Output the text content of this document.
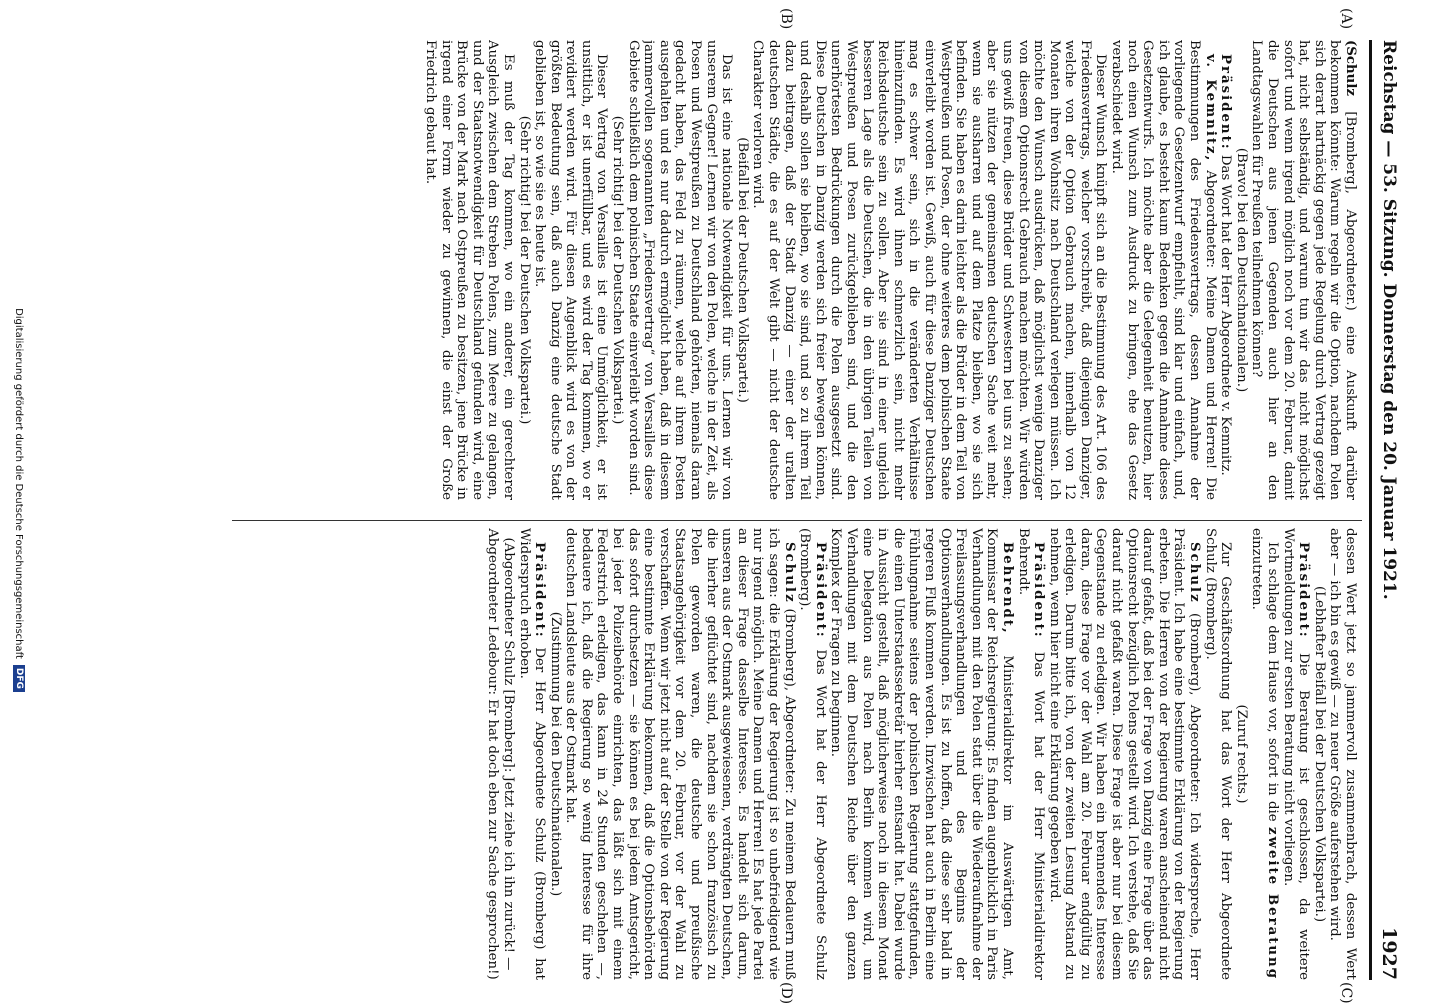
Reichstag — 53. Sitzung. Donnerstag den 20. Januar 1921.
1927
(A)
(B)
(C)
(D)

(Schulz [Bromberg], Abgeordneter.) eine Auskunft darüber bekommen könnte: Warum regeln wir die Option, nachdem Polen sich derart hartnäckig gegen jede Regelung durch Vertrag gezeigt hat, nicht selbständig, und warum tun wir das nicht möglichst sofort und wenn irgend möglich noch vor dem 20. Februar, damit die Deutschen aus jenen Gegenden auch hier an den Landtagswahlen für Preußen teilnehmen können?

(Bravo! bei den Deutschnationalen.)

Präsident: Das Wort hat der Herr Abgeordnete v. Kemnitz.

v. Kemnitz, Abgeordneter: Meine Damen und Herren! Die Bestimmungen des Friedensvertrags, dessen Annahme der vorliegende Gesetzentwurf empfiehlt, sind klar und einfach, und, ich glaube, es besteht kaum Bedenken gegen die Annahme dieses Gesetzentwurfs. Ich möchte aber die Gelegenheit benutzen, hier noch einen Wunsch zum Ausdruck zu bringen, ehe das Gesetz verabschiedet wird.

Dieser Wunsch knüpft sich an die Bestimmung des Art. 106 des Friedensvertrags, welcher vorschreibt, daß diejenigen Danziger, welche von der Option Gebrauch machen, innerhalb von 12 Monaten ihren Wohnsitz nach Deutschland verlegen müssen. Ich möchte den Wunsch ausdrücken, daß möglichst wenige Danziger von diesem Optionsrecht Gebrauch machen möchten. Wir würden uns gewiß freuen, diese Brüder und Schwestern bei uns zu sehen; aber sie nützen der gemeinsamen deutschen Sache weit mehr, wenn sie ausharren und auf dem Platze bleiben, wo sie sich befinden. Sie haben es darin leichter als die Brüder in dem Teil von Westpreußen und Posen, der ohne weiteres dem polnischen Staate einverleibt worden ist. Gewiß, auch für diese Danziger Deutschen mag es schwer sein, sich in die veränderten Verhältnisse hineinzufinden. Es wird ihnen schmerzlich sein, nicht mehr Reichsdeutsche sein zu sollen. Aber sie sind in einer ungleich besseren Lage als die Deutschen, die in den übrigen Teilen von Westpreußen und Posen zurückgeblieben sind, und die den unerhörtesten Bedrückungen durch die Polen ausgesetzt sind. Diese Deutschen in Danzig werden sich freier bewegen können, und deshalb sollen sie bleiben, wo sie sind, und so zu ihrem Teil dazu beitragen, daß der Stadt Danzig — einer der uralten deutschen Städte, die es auf der Welt gibt — nicht der deutsche Charakter verloren wird.

(Beifall bei der Deutschen Volkspartei.)

Das ist eine nationale Notwendigkeit für uns. Lernen wir von unserem Gegner! Lernen wir von den Polen, welche in der Zeit, als Posen und Westpreußen zu Deutschland gehörten, niemals daran gedacht haben, das Feld zu räumen, welche auf ihrem Posten ausgehalten und es nur dadurch ermöglicht haben, daß in diesem jammervollen sogenannten „Friedensvertrag“ von Versailles diese Gebiete schließlich dem polnischen Staate einverleibt worden sind.

(Sehr richtig! bei der Deutschen Volkspartei.)

Dieser Vertrag von Versailles ist eine Unmöglichkeit, er ist unsittlich, er ist unerfüllbar, und es wird der Tag kommen, wo er revidiert werden wird. Für diesen Augenblick wird es von der größten Bedeutung sein, daß auch Danzig eine deutsche Stadt geblieben ist, so wie sie es heute ist.

(Sehr richtig! bei der Deutschen Volkspartei.)

Es muß der Tag kommen, wo ein anderer, ein gerechterer Ausgleich zwischen dem Streben Polens, zum Meere zu gelangen, und der Staatsnotwendigkeit für Deutschland gefunden wird, eine Brücke von der Mark nach Ostpreußen zu besitzen, jene Brücke in irgend einer Form wieder zu gewinnen, die einst der Große Friedrich gebaut hat.

dessen Wert jetzt so jammervoll zusammenbrach, dessen Wert aber — ich bin es gewiß — zu neuer Größe auferstehen wird.

(Lebhafter Beifall bei der Deutschen Volkspartei.)

Präsident: Die Beratung ist geschlossen, da weitere Wortmeldungen zur ersten Beratung nicht vorliegen.

Ich schlage dem Hause vor, sofort in die zweite Beratung einzutreten.

(Zuruf rechts.)

Zur Geschäftsordnung hat das Wort der Herr Abgeordnete Schulz (Bromberg).

Schulz (Bromberg), Abgeordneter: Ich widerspreche, Herr Präsident. Ich habe eine bestimmte Erklärung von der Regierung erbeten. Die Herren von der Regierung waren anscheinend nicht darauf gefaßt, daß bei der Frage von Danzig eine Frage über das Optionsrecht bezüglich Polens gestellt wird. Ich verstehe, daß Sie darauf nicht gefaßt waren. Diese Frage ist aber nur bei diesem Gegenstande zu erledigen. Wir haben ein brennendes Interesse daran, diese Frage vor der Wahl am 20. Februar endgültig zu erledigen. Darum bitte ich, von der zweiten Lesung Abstand zu nehmen, wenn hier nicht eine Erklärung gegeben wird.

Präsident: Das Wort hat der Herr Ministerialdirektor Behrendt.

Behrendt, Ministerialdirektor im Auswärtigen Amt, Kommissar der Reichsregierung: Es finden augenblicklich in Paris Verhandlungen mit den Polen statt über die Wiederaufnahme der Freilassungsverhandlungen und des Beginns der Optionsverhandlungen. Es ist zu hoffen, daß diese sehr bald in regeren Fluß kommen werden. Inzwischen hat auch in Berlin eine Fühlungnahme seitens der polnischen Regierung stattgefunden, die einen Unterstaatssekretär hierher entsandt hat. Dabei wurde in Aussicht gestellt, daß möglicherweise noch in diesem Monat eine Delegation aus Polen nach Berlin kommen wird, um Verhandlungen mit dem Deutschen Reiche über den ganzen Komplex der Fragen zu beginnen.

Präsident: Das Wort hat der Herr Abgeordnete Schulz (Bromberg).

Schulz (Bromberg), Abgeordneter: Zu meinem Bedauern muß ich sagen: die Erklärung der Regierung ist so unbefriedigend wie nur irgend möglich. Meine Damen und Herren! Es hat jede Partei an dieser Frage dasselbe Interesse. Es handelt sich darum, unseren aus der Ostmark ausgewiesenen, verdrängten Deutschen, die hierher geflüchtet sind, nachdem sie schon französisch zu Polen geworden waren, die deutsche und preußische Staatsangehörigkeit vor dem 20. Februar, vor der Wahl zu verschaffen. Wenn wir jetzt nicht auf der Stelle von der Regierung eine bestimmte Erklärung bekommen, daß die Optionsbehörden das sofort durchsetzen — sie können es bei jedem Amtsgericht, bei jeder Polizeibehörde einrichten, das läßt sich mit einem Federstrich erledigen, das kann in 24 Stunden geschehen —, bedauere ich, daß die Regierung so wenig Interesse für ihre deutschen Landsleute aus der Ostmark hat.

(Zustimmung bei den Deutschnationalen.)

Präsident: Der Herr Abgeordnete Schulz (Bromberg) hat Widerspruch erhoben.

(Abgeordneter Schulz [Bromberg]: Jetzt ziehe ich ihn zurück! — Abgeordneter Ledebour: Er hat doch eben zur Sache gesprochen!)

Digitalisierung gefördert durch die Deutsche Forschungsgemeinschaft
DFG
